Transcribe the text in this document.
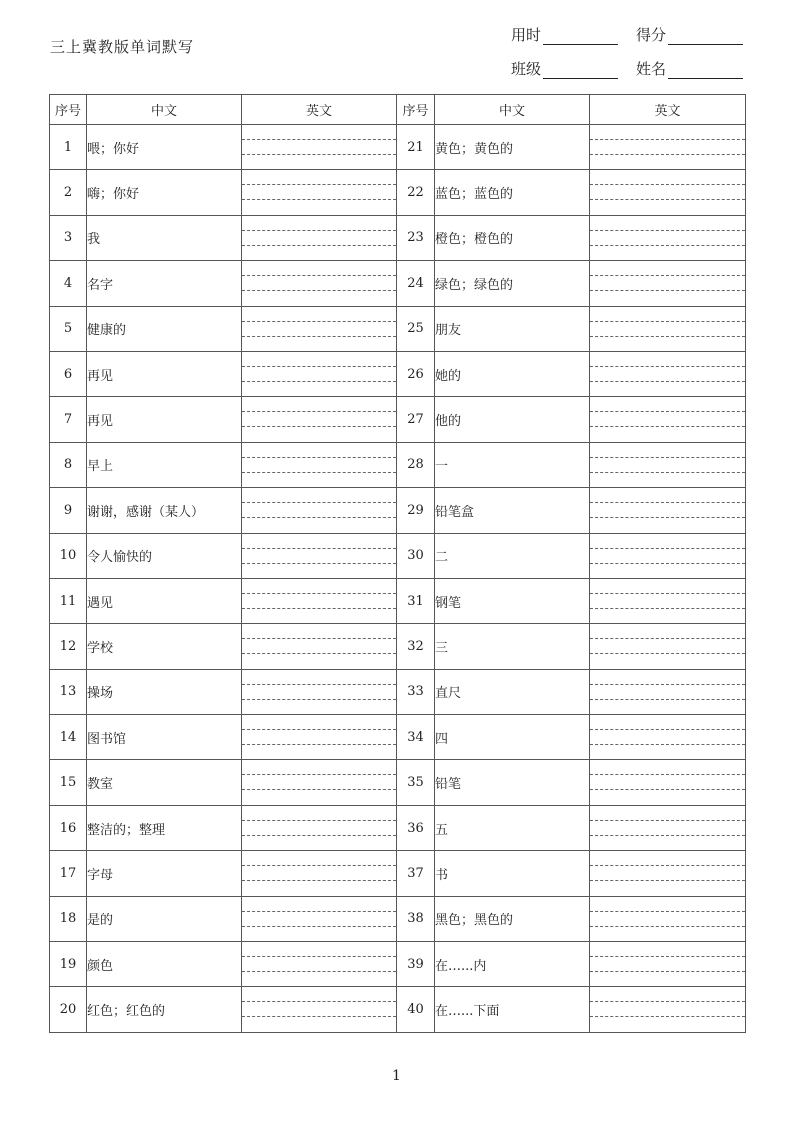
三上冀教版单词默写
用时	得分
班级	姓名
序号	中文	英文	序号	中文	英文
1	喂；你好		21	黄色；黄色的	

2	嗨；你好		22	蓝色；蓝色的	

3	我		23	橙色；橙色的	

4	名字		24	绿色；绿色的	

5	健康的		25	朋友	

6	再见		26	她的	

7	再见		27	他的	

8	早上		28	一	

9	谢谢，感谢（某人）		29	铅笔盒	

10	令人愉快的		30	二	

11	遇见		31	钢笔	

12	学校		32	三	

13	操场		33	直尺	

14	图书馆		34	四	

15	教室		35	铅笔	

16	整洁的；整理		36	五	

17	字母		37	书	

18	是的		38	黑色；黑色的	

19	颜色		39	在…...内	

20	红色；红色的		40	在…...下面	
1
